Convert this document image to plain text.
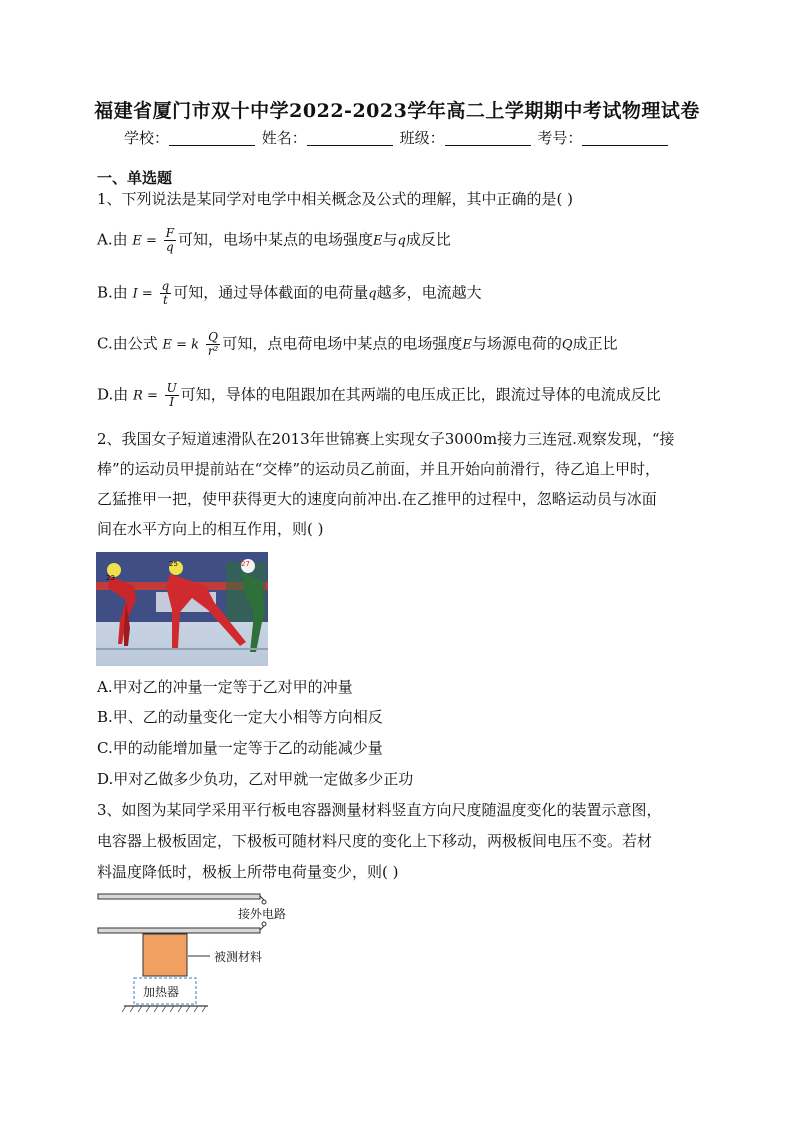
福建省厦门市双十中学2022-2023学年高二上学期期中考试物理试卷
学校：	姓名：	班级：	考号：
一、单选题
1、下列说法是某同学对电学中相关概念及公式的理解，其中正确的是( )
A.由 $E = \frac{F}{q}$ 可知，电场中某点的电场强度E与q成反比
B.由 $I = \frac{q}{t}$ 可知，通过导体截面的电荷量q越多，电流越大
C.由公式 E = k $\frac{Q}{\text{r²}}$ 可知，点电荷电场中某点的电场强度E与场源电荷的Q成正比
D.由 $R = \frac{U}{I}$ 可知，导体的电阻跟加在其两端的电压成正比，跟流过导体的电流成反比
2、我国女子短道速滑队在2013年世锦赛上实现女子3000m接力三连冠.观察发现，“接
棒”的运动员甲提前站在“交棒”的运动员乙前面，并且开始向前滑行，待乙追上甲时，
乙猛推甲一把，使甲获得更大的速度向前冲出.在乙推甲的过程中，忽略运动员与冰面
间在水平方向上的相互作用，则( )
23
25	27
A.甲对乙的冲量一定等于乙对甲的冲量
B.甲、乙的动量变化一定大小相等方向相反
C.甲的动能增加量一定等于乙的动能减少量
D.甲对乙做多少负功，乙对甲就一定做多少正功
3、如图为某同学采用平行板电容器测量材料竖直方向尺度随温度变化的装置示意图，
电容器上极板固定，下极板可随材料尺度的变化上下移动，两极板间电压不变。若材
料温度降低时，极板上所带电荷量变少，则( )
接外电路
被测材料
加热器
